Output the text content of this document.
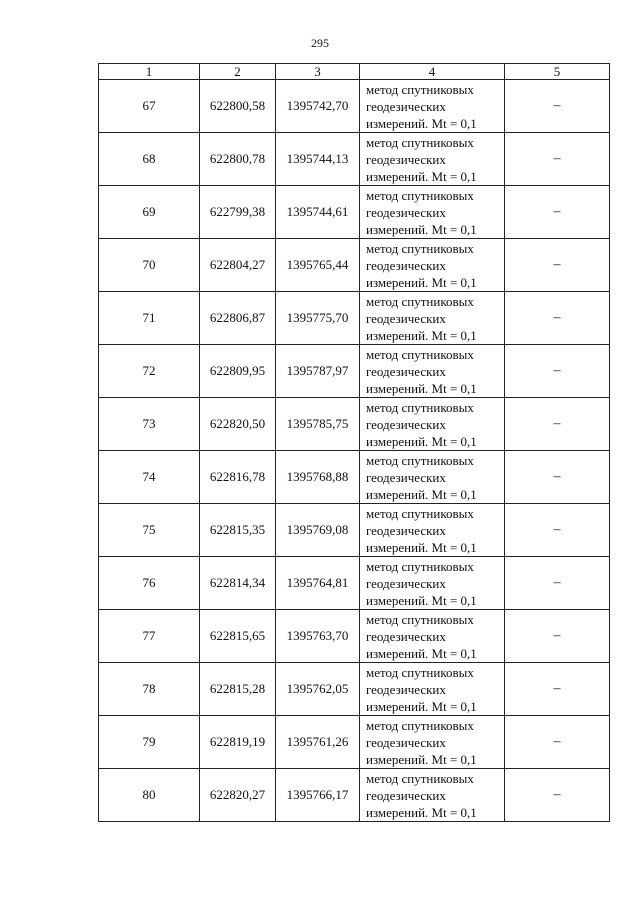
295
1	2	3	4	5
67	622800,58	1395742,70	метод спутниковых
геодезических
измерений. Mt = 0,1	–
68	622800,78	1395744,13	метод спутниковых
геодезических
измерений. Mt = 0,1	–
69	622799,38	1395744,61	метод спутниковых
геодезических
измерений. Mt = 0,1	–
70	622804,27	1395765,44	метод спутниковых
геодезических
измерений. Mt = 0,1	–
71	622806,87	1395775,70	метод спутниковых
геодезических
измерений. Mt = 0,1	–
72	622809,95	1395787,97	метод спутниковых
геодезических
измерений. Mt = 0,1	–
73	622820,50	1395785,75	метод спутниковых
геодезических
измерений. Mt = 0,1	–
74	622816,78	1395768,88	метод спутниковых
геодезических
измерений. Mt = 0,1	–
75	622815,35	1395769,08	метод спутниковых
геодезических
измерений. Mt = 0,1	–
76	622814,34	1395764,81	метод спутниковых
геодезических
измерений. Mt = 0,1	–
77	622815,65	1395763,70	метод спутниковых
геодезических
измерений. Mt = 0,1	–
78	622815,28	1395762,05	метод спутниковых
геодезических
измерений. Mt = 0,1	–
79	622819,19	1395761,26	метод спутниковых
геодезических
измерений. Mt = 0,1	–
80	622820,27	1395766,17	метод спутниковых
геодезических
измерений. Mt = 0,1	–
